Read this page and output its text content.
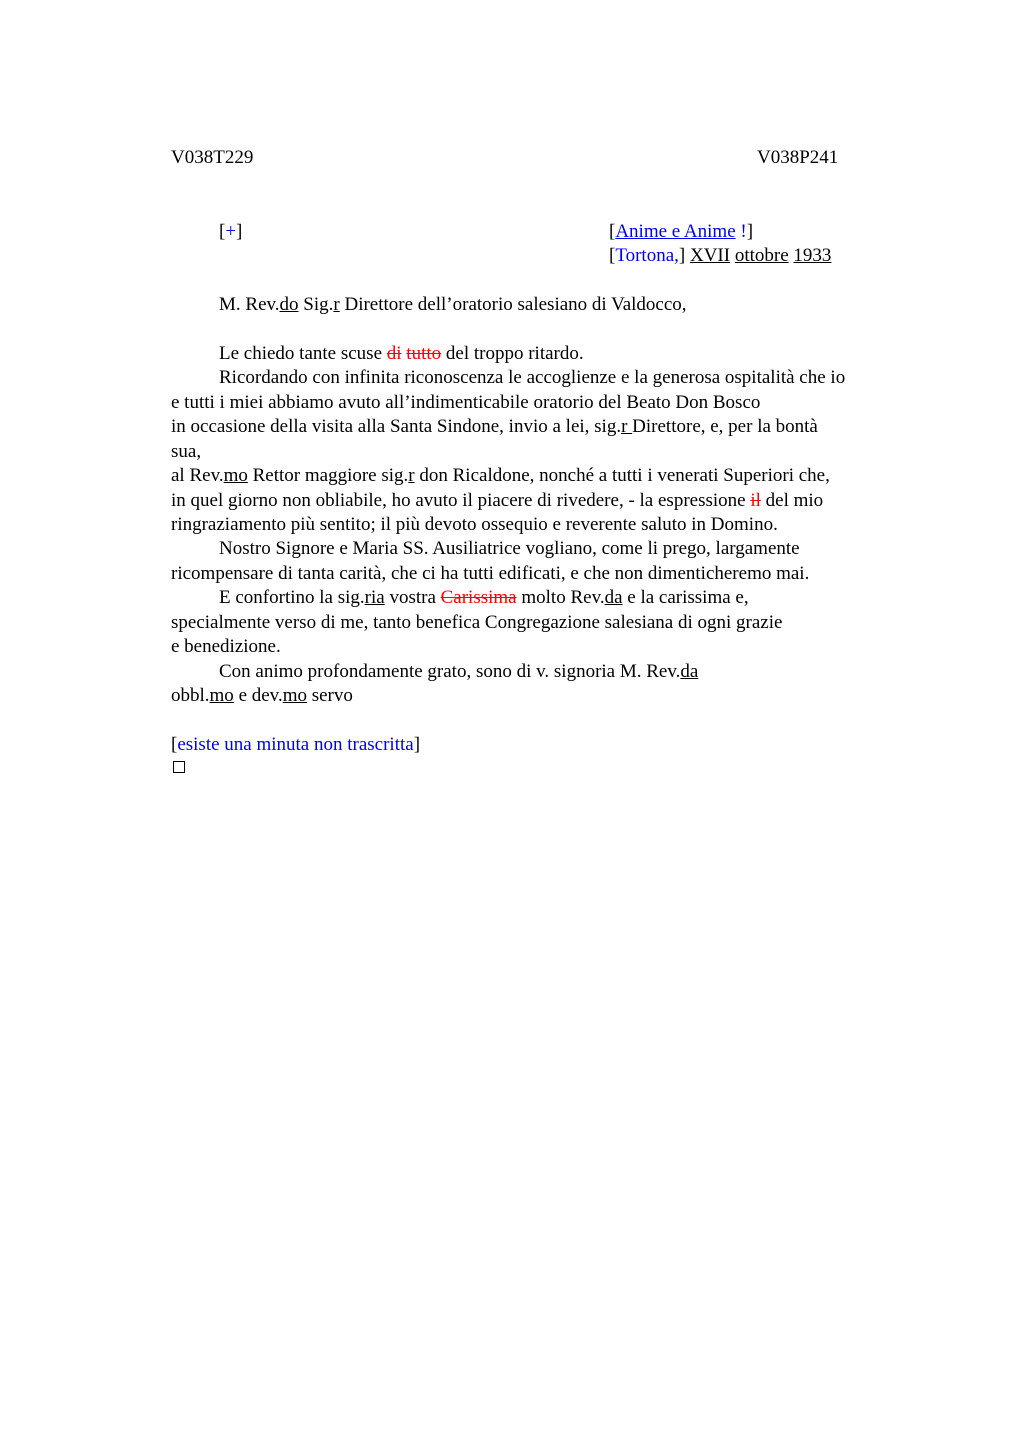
V038T229	V038P241
[+]	[Anime e Anime !]
[Tortona,] XVII ottobre 1933
M. Rev.do Sig.r Direttore dell’oratorio salesiano di Valdocco,
Le chiedo tante scuse di tutto del troppo ritardo.
Ricordando con infinita riconoscenza le accoglienze e la generosa ospitalità che io
e tutti i miei abbiamo avuto all’indimenticabile oratorio del Beato Don Bosco
in occasione della visita alla Santa Sindone, invio a lei, sig.r Direttore, e, per la bontà
sua,
al Rev.mo Rettor maggiore sig.r don Ricaldone, nonché a tutti i venerati Superiori che,
in quel giorno non obliabile, ho avuto il piacere di rivedere, - la espressione il del mio
ringraziamento più sentito; il più devoto ossequio e reverente saluto in Domino.
Nostro Signore e Maria SS. Ausiliatrice vogliano, come li prego, largamente
ricompensare di tanta carità, che ci ha tutti edificati, e che non dimenticheremo mai.
E confortino la sig.ria vostra Carissima molto Rev.da e la carissima e,
specialmente verso di me, tanto benefica Congregazione salesiana di ogni grazie
e benedizione.
Con animo profondamente grato, sono di v. signoria M. Rev.da
obbl.mo e dev.mo servo
[esiste una minuta non trascritta]
